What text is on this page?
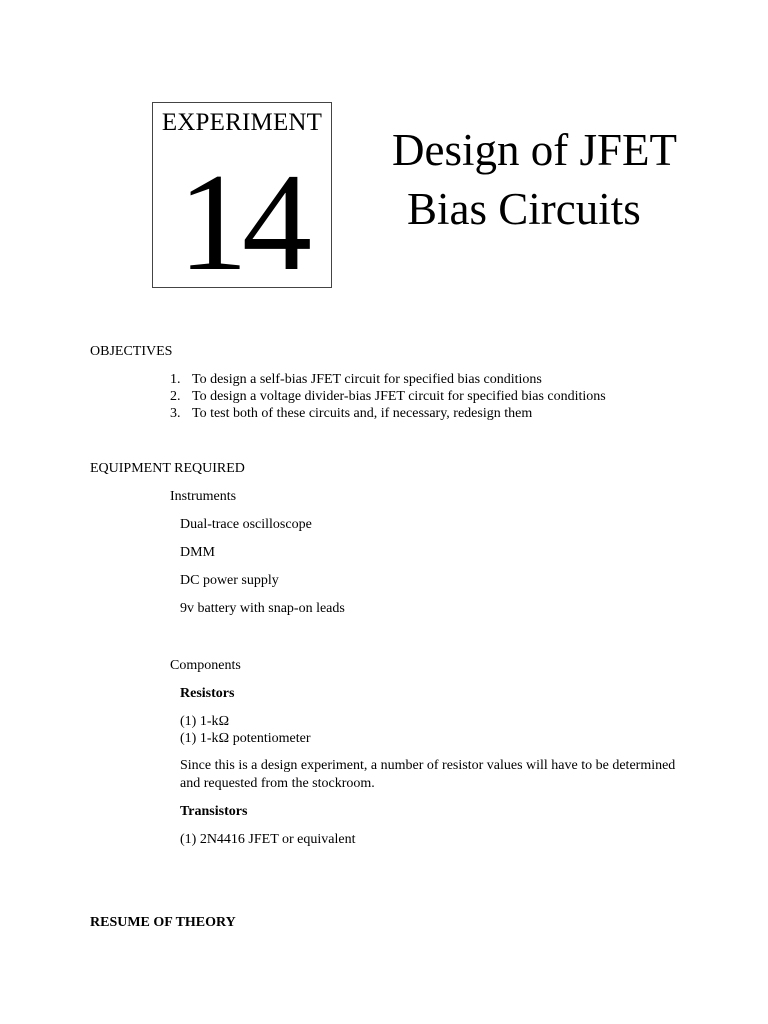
EXPERIMENT
14	Design of JFET
Bias Circuits
OBJECTIVES
1. To design a self-bias JFET circuit for specified bias conditions
2. To design a voltage divider-bias JFET circuit for specified bias conditions
3. To test both of these circuits and, if necessary, redesign them
EQUIPMENT REQUIRED
Instruments
Dual-trace oscilloscope
DMM
DC power supply
9v battery with snap-on leads
Components
Resistors
(1) 1-kΩ
(1) 1-kΩ potentiometer
Since this is a design experiment, a number of resistor values will have to be determined and requested from the stockroom.
Transistors
(1) 2N4416 JFET or equivalent
RESUME OF THEORY
